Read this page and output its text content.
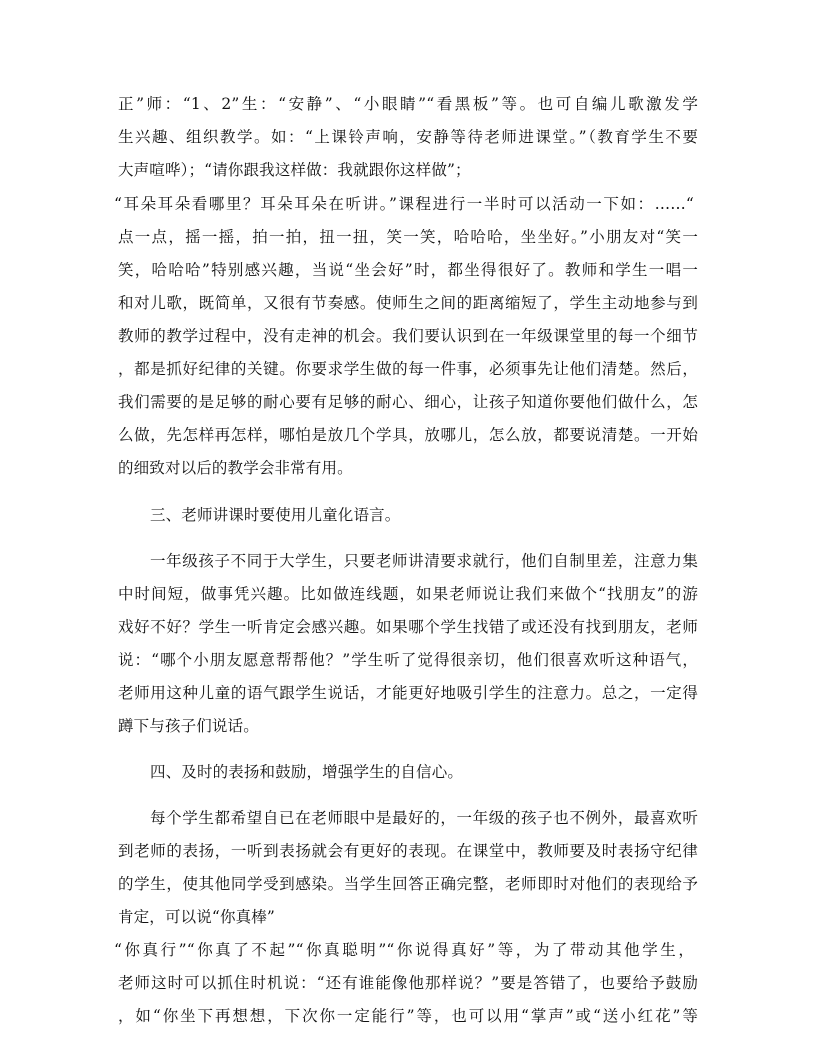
正”师：“1、2”生：“安静”、“小眼睛”“看黑板”等。也可自编儿歌激发学
生兴趣、组织教学。如：“上课铃声响，安静等待老师进课堂。”（教育学生不要
大声喧哗）；“请你跟我这样做：我就跟你这样做”；
“耳朵耳朵看哪里？耳朵耳朵在听讲。”课程进行一半时可以活动一下如：……“
点一点，摇一摇，拍一拍，扭一扭，笑一笑，哈哈哈，坐坐好。”小朋友对“笑一
笑，哈哈哈”特别感兴趣，当说“坐会好”时，都坐得很好了。教师和学生一唱一
和对儿歌，既简单，又很有节奏感。使师生之间的距离缩短了，学生主动地参与到
教师的教学过程中，没有走神的机会。我们要认识到在一年级课堂里的每一个细节
，都是抓好纪律的关键。你要求学生做的每一件事，必须事先让他们清楚。然后，
我们需要的是足够的耐心要有足够的耐心、细心，让孩子知道你要他们做什么，怎
么做，先怎样再怎样，哪怕是放几个学具，放哪儿，怎么放，都要说清楚。一开始
的细致对以后的教学会非常有用。
三、老师讲课时要使用儿童化语言。
一年级孩子不同于大学生，只要老师讲清要求就行，他们自制里差，注意力集
中时间短，做事凭兴趣。比如做连线题，如果老师说让我们来做个“找朋友”的游
戏好不好？学生一听肯定会感兴趣。如果哪个学生找错了或还没有找到朋友，老师
说：“哪个小朋友愿意帮帮他？”学生听了觉得很亲切，他们很喜欢听这种语气，
老师用这种儿童的语气跟学生说话，才能更好地吸引学生的注意力。总之，一定得
蹲下与孩子们说话。
四、及时的表扬和鼓励，增强学生的自信心。
每个学生都希望自已在老师眼中是最好的，一年级的孩子也不例外，最喜欢听
到老师的表扬，一听到表扬就会有更好的表现。在课堂中，教师要及时表扬守纪律
的学生，使其他同学受到感染。当学生回答正确完整，老师即时对他们的表现给予
肯定，可以说“你真棒”
“你真行”“你真了不起”“你真聪明”“你说得真好”等，为了带动其他学生，
老师这时可以抓住时机说：“还有谁能像他那样说？”要是答错了，也要给予鼓励
，如“你坐下再想想，下次你一定能行”等，也可以用“掌声”或“送小红花”等
